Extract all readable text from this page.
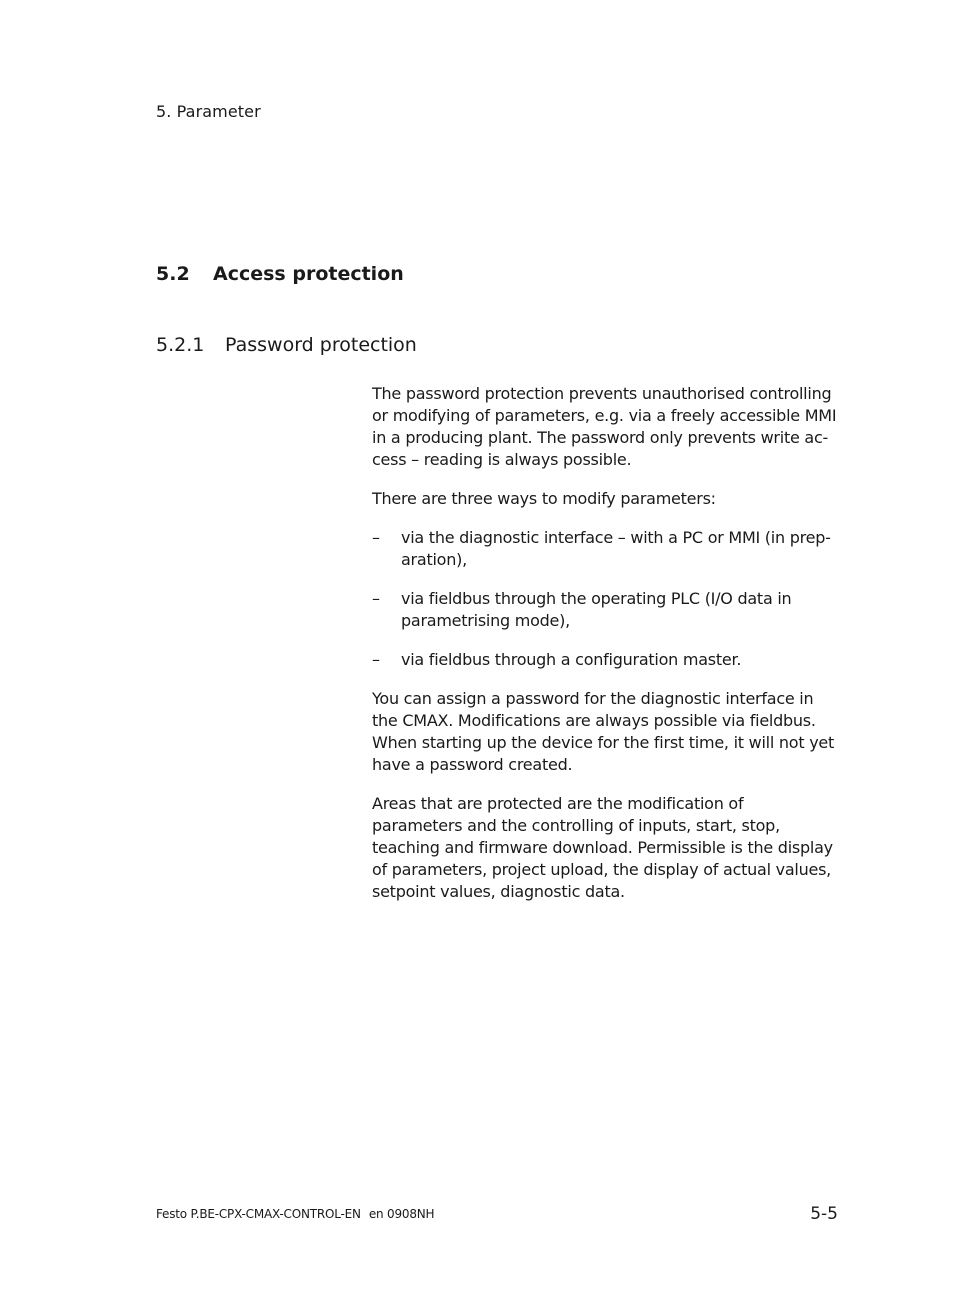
5. Parameter
5.2 Access protection
5.2.1 Password protection

The password protection prevents unauthorised controlling or modifying of parameters, e.g. via a freely accessible MMI in a producing plant. The password only prevents write access – reading is always possible.

There are three ways to modify parameters:

– via the diagnostic interface – with a PC or MMI (in preparation),
– via fieldbus through the operating PLC (I/O data in parametrising mode),
– via fieldbus through a configuration master.

You can assign a password for the diagnostic interface in the CMAX. Modifications are always possible via fieldbus. When starting up the device for the first time, it will not yet have a password created.

Areas that are protected are the modification of parameters and the controlling of inputs, start, stop, teaching and firmware download. Permissible is the display of parameters, project upload, the display of actual values, setpoint values, diagnostic data.

Festo P.BE-CPX-CMAX-CONTROL-EN en 0908NH	5-5
